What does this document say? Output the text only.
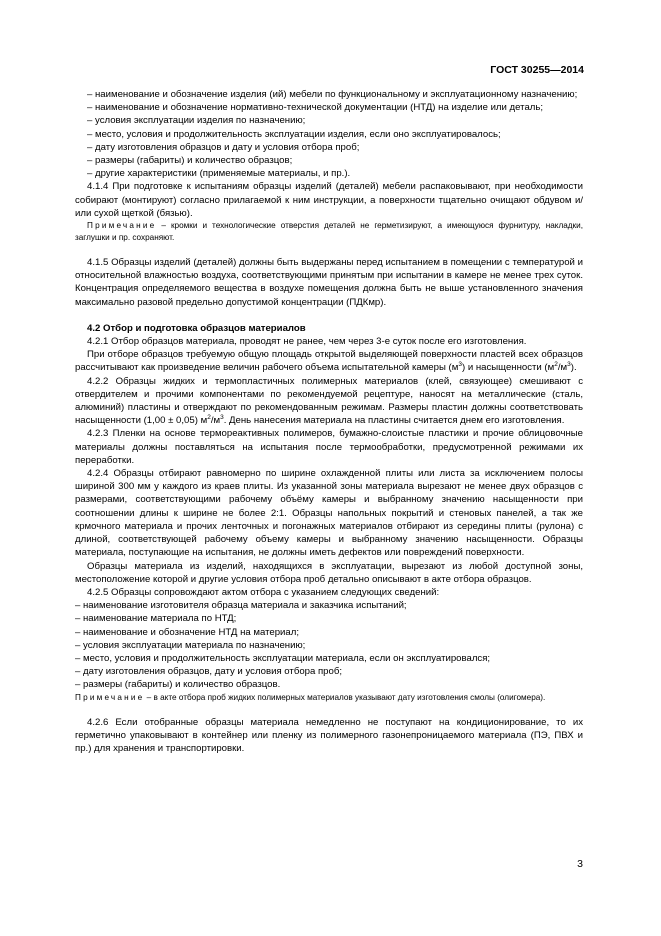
ГОСТ 30255—2014

– наименование и обозначение изделия (ий) мебели по функциональному и эксплуатационному назначению;

– наименование и обозначение нормативно-технической документации (НТД) на изделие или деталь;

– условия эксплуатации изделия по назначению;

– место, условия и продолжительность эксплуатации изделия, если оно эксплуатировалось;

– дату изготовления образцов и дату и условия отбора проб;

– размеры (габариты) и количество образцов;

– другие характеристики (применяемые материалы, и пр.).

4.1.4 При подготовке к испытаниям образцы изделий (деталей) мебели распаковывают, при необходимости собирают (монтируют) согласно прилагаемой к ним инструкции, а поверхности тщательно очищают обдувом и/или сухой щеткой (бязью).

Примечание – кромки и технологические отверстия деталей не герметизируют, а имеющуюся фурнитуру, накладки, заглушки и пр. сохраняют.

4.1.5 Образцы изделий (деталей) должны быть выдержаны перед испытанием в помещении с температурой и относительной влажностью воздуха, соответствующими принятым при испытании в камере не менее трех суток. Концентрация определяемого вещества в воздухе помещения должна быть не выше установленного значения максимально разовой предельно допустимой концентрации (ПДКмр).

4.2 Отбор и подготовка образцов материалов

4.2.1 Отбор образцов материала, проводят не ранее, чем через 3-е суток после его изготовления.

При отборе образцов требуемую общую площадь открытой выделяющей поверхности пластей всех образцов рассчитывают как произведение величин рабочего объема испытательной камеры $(м^3)$ и насыщенности $(м^2/м^3)$.

4.2.2 Образцы жидких и термопластичных полимерных материалов (клей, связующее) смешивают с отвердителем и прочими компонентами по рекомендуемой рецептуре, наносят на металлические (сталь, алюминий) пластины и отверждают по рекомендованным режимам. Размеры пластин должны соответствовать насыщенности (1,00 ± 0,05) $м^2/м^3$. День нанесения материала на пластины считается днем его изготовления.

4.2.3 Пленки на основе термореактивных полимеров, бумажно-слоистые пластики и прочие облицовочные материалы должны поставляться на испытания после термообработки, предусмотренной режимами их переработки.

4.2.4 Образцы отбирают равномерно по ширине охлажденной плиты или листа за исключением полосы шириной 300 мм у каждого из краев плиты. Из указанной зоны материала вырезают не менее двух образцов с размерами, соответствующими рабочему объёму камеры и выбранному значению насыщенности при соотношении длины к ширине не более 2:1. Образцы напольных покрытий и стеновых панелей, а так же крмочного материала и прочих ленточных и погонажных материалов отбирают из середины плиты (рулона) с длиной, соответствующей рабочему объему камеры и выбранному значению насыщенности. Образцы материала, поступающие на испытания, не должны иметь дефектов или повреждений поверхности.

Образцы материала из изделий, находящихся в эксплуатации, вырезают из любой доступной зоны, местоположение которой и другие условия отбора проб детально описывают в акте отбора образцов.

4.2.5 Образцы сопровождают актом отбора с указанием следующих сведений:

– наименование изготовителя образца материала и заказчика испытаний;

– наименование материала по НТД;

– наименование и обозначение НТД на материал;

– условия эксплуатации материала по назначению;

– место, условия и продолжительность эксплуатации материала, если он эксплуатировался;

– дату изготовления образцов, дату и условия отбора проб;

– размеры (габариты) и количество образцов.

Примечание – в акте отбора проб жидких полимерных материалов указывают дату изготовления смолы (олигомера).

4.2.6 Если отобранные образцы материала немедленно не поступают на кондиционирование, то их герметично упаковывают в контейнер или пленку из полимерного газонепроницаемого материала (ПЭ, ПВХ и пр.) для хранения и транспортировки.

3
